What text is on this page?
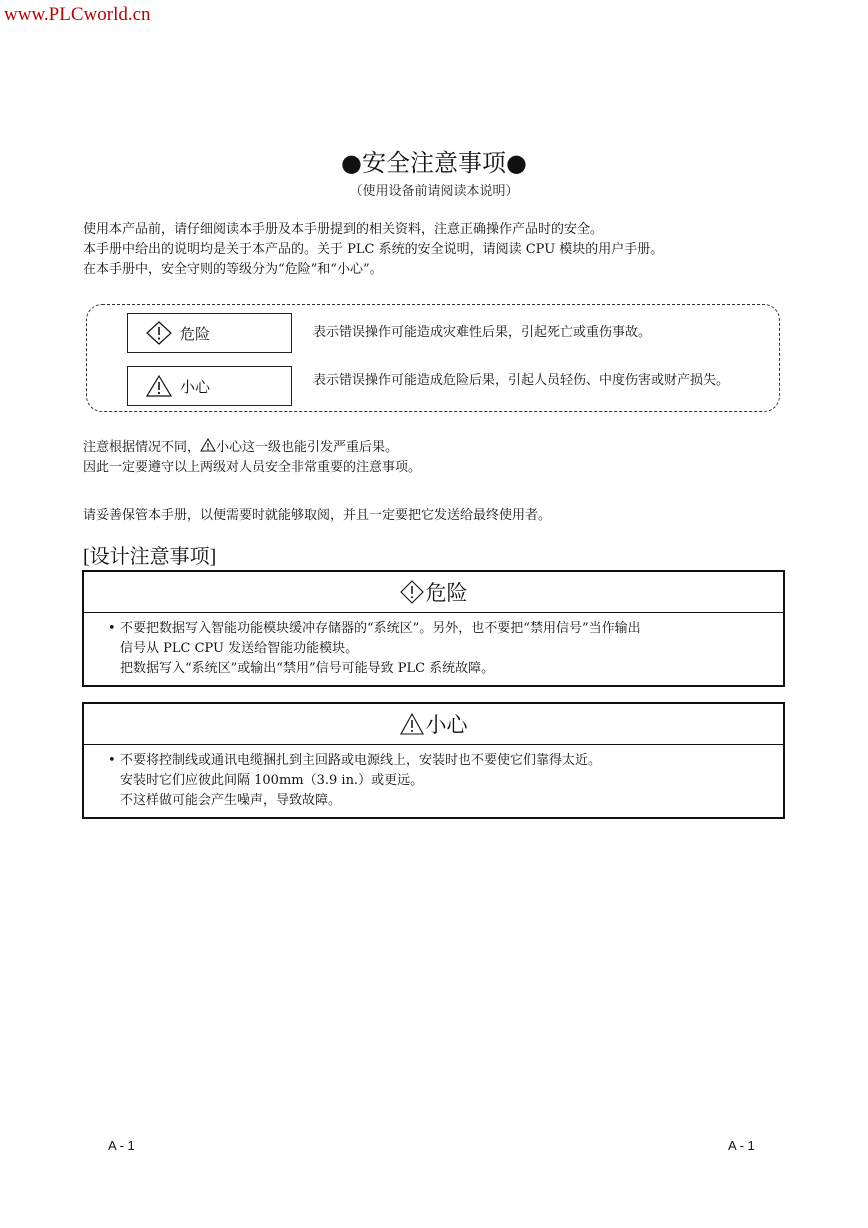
www.PLCworld.cn
●安全注意事项●
（使用设备前请阅读本说明）
使用本产品前，请仔细阅读本手册及本手册提到的相关资料，注意正确操作产品时的安全。
本手册中给出的说明均是关于本产品的。关于 PLC 系统的安全说明，请阅读 CPU 模块的用户手册。
在本手册中，安全守则的等级分为“危险”和“小心”。
危险	表示错误操作可能造成灾难性后果，引起死亡或重伤事故。
小心	表示错误操作可能造成危险后果，引起人员轻伤、中度伤害或财产损失。
注意根据情况不同， 小心这一级也能引发严重后果。
因此一定要遵守以上两级对人员安全非常重要的注意事项。
请妥善保管本手册，以便需要时就能够取阅，并且一定要把它发送给最终使用者。
[设计注意事项]
危险
• 不要把数据写入智能功能模块缓冲存储器的“系统区”。另外，也不要把“禁用信号”当作输出
信号从 PLC CPU 发送给智能功能模块。
把数据写入“系统区”或输出“禁用”信号可能导致 PLC 系统故障。
小心
• 不要将控制线或通讯电缆捆扎到主回路或电源线上，安装时也不要使它们靠得太近。
安装时它们应彼此间隔 100mm（3.9 in.）或更远。
不这样做可能会产生噪声，导致故障。
A - 1	A - 1
